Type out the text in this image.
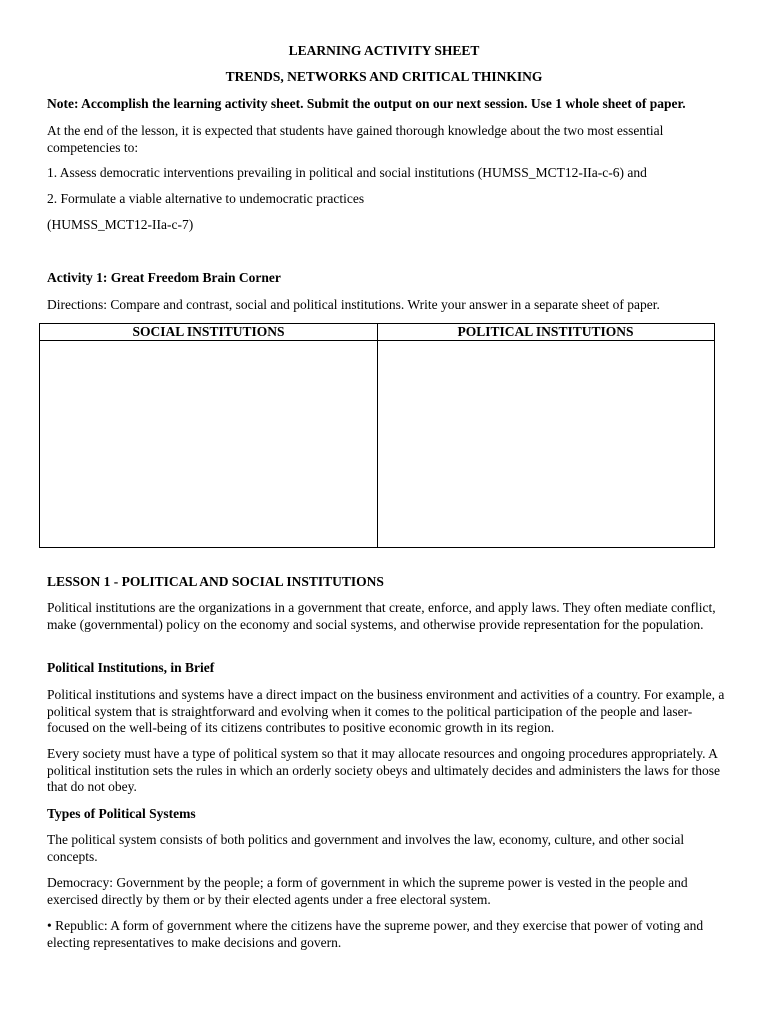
LEARNING ACTIVITY SHEET
TRENDS, NETWORKS AND CRITICAL THINKING
Note: Accomplish the learning activity sheet. Submit the output on our next session. Use 1 whole sheet of paper.
At the end of the lesson, it is expected that students have gained thorough knowledge about the two most essential competencies to:
1. Assess democratic interventions prevailing in political and social institutions (HUMSS_MCT12-IIa-c-6) and
2. Formulate a viable alternative to undemocratic practices
(HUMSS_MCT12-IIa-c-7)
Activity 1: Great Freedom Brain Corner
Directions: Compare and contrast, social and political institutions. Write your answer in a separate sheet of paper.
SOCIAL INSTITUTIONS	POLITICAL INSTITUTIONS
LESSON 1 - POLITICAL AND SOCIAL INSTITUTIONS
Political institutions are the organizations in a government that create, enforce, and apply laws. They often mediate conflict, make (governmental) policy on the economy and social systems, and otherwise provide representation for the population.
Political Institutions, in Brief
Political institutions and systems have a direct impact on the business environment and activities of a country. For example, a political system that is straightforward and evolving when it comes to the political participation of the people and laser-focused on the well-being of its citizens contributes to positive economic growth in its region.
Every society must have a type of political system so that it may allocate resources and ongoing procedures appropriately. A political institution sets the rules in which an orderly society obeys and ultimately decides and administers the laws for those that do not obey.
Types of Political Systems
The political system consists of both politics and government and involves the law, economy, culture, and other social concepts.
Democracy: Government by the people; a form of government in which the supreme power is vested in the people and exercised directly by them or by their elected agents under a free electoral system.
• Republic: A form of government where the citizens have the supreme power, and they exercise that power of voting and electing representatives to make decisions and govern.
